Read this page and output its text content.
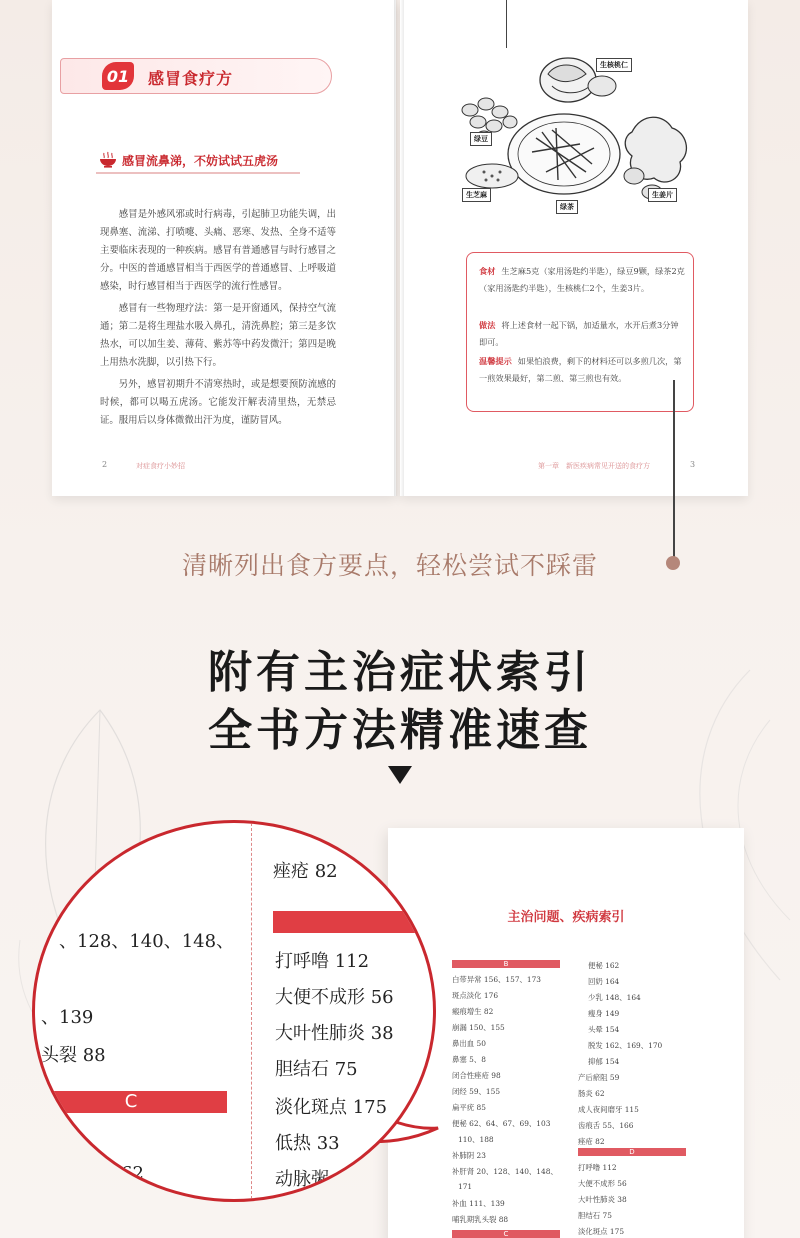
01	感冒食疗方
感冒流鼻涕，不妨试试五虎汤

感冒是外感风邪或时行病毒，引起肺卫功能失调，出现鼻塞、流涕、打喷嚏、头痛、恶寒、发热、全身不适等主要临床表现的一种疾病。感冒有普通感冒与时行感冒之分。中医的普通感冒相当于西医学的普通感冒、上呼吸道感染，时行感冒相当于西医学的流行性感冒。

感冒有一些物理疗法：第一是开窗通风，保持空气流通；第二是将生理盐水吸入鼻孔，清洗鼻腔；第三是多饮热水，可以加生姜、薄荷、紫苏等中药发微汗；第四是晚上用热水洗脚，以引热下行。

另外，感冒初期升不清寒热时，或是想要预防流感的时候，都可以喝五虎汤。它能发汗解表清里热，无禁忌证。服用后以身体微微出汗为度，谨防冒风。

2	对症食疗小妙招
生核桃仁
绿豆
生芝麻
绿茶
生姜片
食材 生芝麻5克（家用汤匙约半匙），绿豆9颗，绿茶2克（家用汤匙约半匙），生核桃仁2个，生姜3片。
做法 将上述食材一起下锅，加适量水，水开后煮3分钟即可。
温馨提示 如果怕浪费，剩下的材料还可以多煎几次，第一煎效果最好，第二煎、第三煎也有效。
第一章　新医疾病常见开送的食疗方	3
清晰列出食方要点，轻松尝试不踩雷
附有主治症状索引
全书方法精准速查
主治问题、疾病索引
B
白带异常 156、157、173
斑点淡化 176
瘢痕增生 82
崩漏 150、155
鼻出血 50
鼻塞 5、8
闭合性痤疮 98
闭经 59、155
扁平疣 85
便秘 62、64、67、69、103
110、188
补肺阴 23
补肝肾 20、128、140、148、
171
补血 111、139
哺乳期乳头裂 88
C
便秘 162
回奶 164
少乳 148、164
瘦身 149
头晕 154
脱发 162、169、170
抑郁 154
产后瘀阻 59
肠炎 62
成人夜间磨牙 115
齿痕舌 55、166
痤疮 82
D
打呼噜 112
大便不成形 56
大叶性肺炎 38
胆结石 75
淡化斑点 175
、128、140、148、
、139
头裂 88
C
62
痤疮 82
打呼噜 112
大便不成形 56
大叶性肺炎 38
胆结石 75
淡化斑点 175
低热 33
动脉粥
